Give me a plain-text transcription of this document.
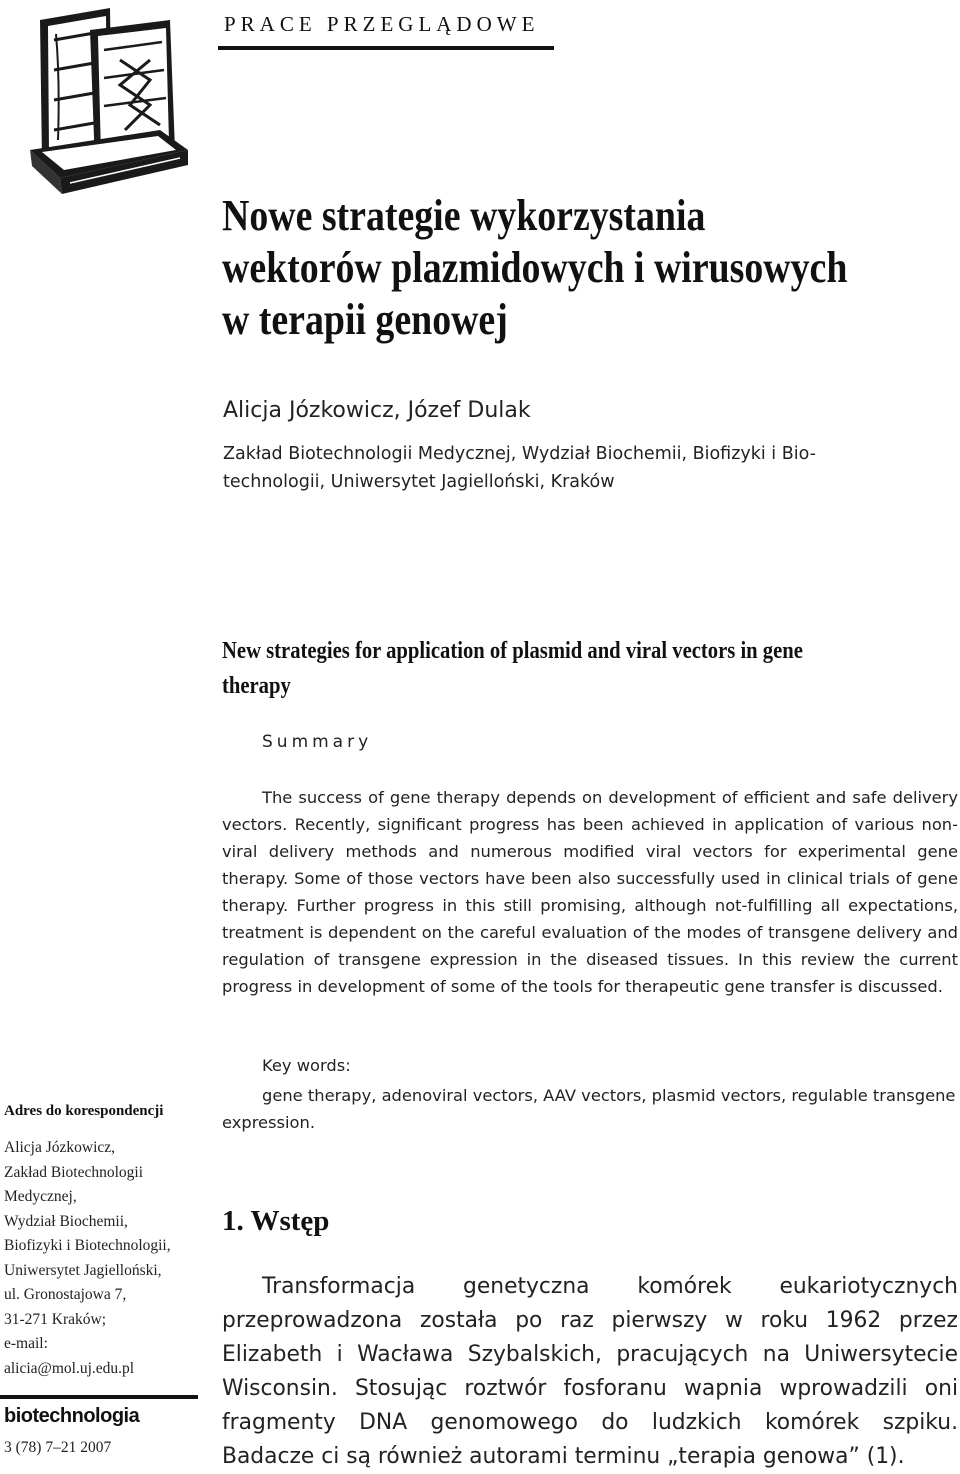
PRACE PRZEGLĄDOWE
Nowe strategie wykorzystania
wektorów plazmidowych i wirusowych
w terapii genowej
Alicja Józkowicz, Józef Dulak
Zakład Biotechnologii Medycznej, Wydział Biochemii, Biofizyki i Bio-
technologii, Uniwersytet Jagielloński, Kraków
New strategies for application of plasmid and viral vectors in gene
therapy
Summary
The success of gene therapy depends on development of efficient and safe delivery vectors. Recently, significant progress has been achieved in application of various non-viral delivery methods and numerous modified viral vectors for experimental gene therapy. Some of those vectors have been also successfully used in clinical trials of gene therapy. Further progress in this still promising, although not-fulfilling all expectations, treatment is dependent on the careful evaluation of the modes of transgene delivery and regulation of transgene expression in the diseased tissues. In this review the current progress in development of some of the tools for therapeutic gene transfer is discussed.
Key words:
gene therapy, adenoviral vectors, AAV vectors, plasmid vectors, regulable transgene expression.
1. Wstęp
Transformacja genetyczna komórek eukariotycznych przeprowadzona została po raz pierwszy w roku 1962 przez Elizabeth i Wacława Szybalskich, pracujących na Uniwersytecie Wisconsin. Stosując roztwór fosforanu wapnia wprowadzili oni fragmenty DNA genomowego do ludzkich komórek szpiku. Badacze ci są również autorami terminu „terapia genowa” (1).
Adres do korespondencji
Alicja Józkowicz,
Zakład Biotechnologii
Medycznej,
Wydział Biochemii,
Biofizyki i Biotechnologii,
Uniwersytet Jagielloński,
ul. Gronostajowa 7,
31-271 Kraków;
e-mail:
alicia@mol.uj.edu.pl
biotechnologia
3 (78) 7–21 2007
